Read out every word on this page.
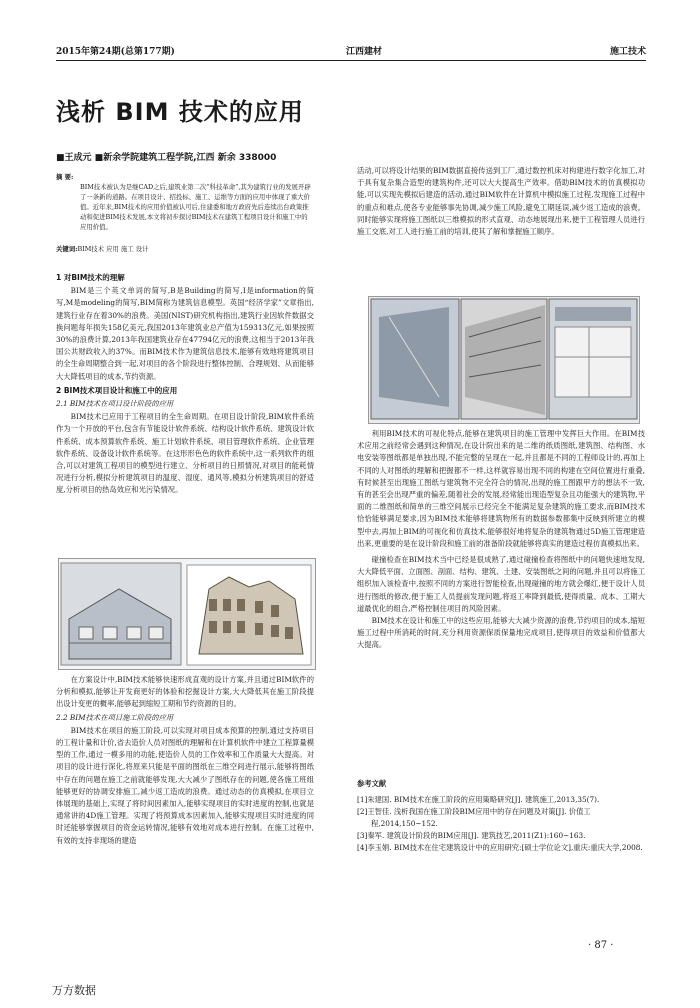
2015年第24期(总第177期)	江西建材	施工技术
浅析 BIM 技术的应用
■王成元 ■新余学院建筑工程学院,江西 新余 338000
摘 要:
BIM技术被认为是继CAD之后,建筑业第二次“科技革命”,其为建筑行业的发展开辟了一条新的道路。在项目设计、招投标、施工、运维等方面的应用中体现了重大价值。近年来,BIM技术的应用价值被认可后,住建委和地方政府先后连续出台政策推动和促进BIM技术发展,本文将初步探讨BIM技术在建筑工程项目设计和施工中的应用价值。
关键词:BIM技术 应用 施工 设计
1 对BIM技术的理解

BIM是三个英文单词的简写,B是Building的简写,I是information的简写,M是modeling的简写,BIM简称为建筑信息模型。英国“经济学家”文章指出,建筑行业存在着30%的浪费。美国(NIST)研究机构指出,建筑行业因软件数据交换问题每年损失158亿美元,我国2013年建筑业总产值为159313亿元,如果按照30%的浪费计算,2013年我国建筑业存在47794亿元的浪费,这相当于2013年我国公共财政收入的37%。而BIM技术作为建筑信息技术,能够有效地将建筑项目的全生命周期整合到一起,对项目的各个阶段进行整体控制、合理规划、从而能够大大降低项目的成本,节约资源。

2 BIM技术项目设计和施工中的应用
2.1 BIM技术在项目设计阶段的应用

BIM技术已应用于工程项目的全生命周期。在项目设计阶段,BIM软件系统作为一个开放的平台,包含有节能设计软件系统、结构设计软件系统、建筑设计软件系统、成本预算软件系统、施工计划软件系统、项目管理软件系统、企业管理软件系统、设备设计软件系统等。在这形形色色的软件系统中,这一系列软件的组合,可以对建筑工程项目的模型进行建立、分析项目的日照情况,对项目的能耗情况进行分析,模拟分析建筑项目的温度、湿度、通风等,模拟分析建筑项目的舒适度,分析项目的热岛效应和光污染情况。

在方案设计中,BIM技术能够快速形成直观的设计方案,并且通过BIM软件的分析和模拟,能够让开发商更好的体验和挖掘设计方案,大大降低其在施工阶段提出设计变更的概率,能够起到缩短工期和节约资源的目的。

2.2 BIM技术在项目施工阶段的应用

BIM技术在项目的施工阶段,可以实现对项目成本预算的控制,通过支持项目的工程计量和计价,省去造价人员对图纸的理解和在计算机软件中建立工程算量模型的工作,通过一模多用的功能,使造价人员的工作效率和工作质量大大提高。对项目的设计进行深化,将原来只能是平面的图纸在三维空间进行展示,能够将图纸中存在的问题在施工之前就能够发现,大大减少了图纸存在的问题,使各施工班组能够更好的协调安排施工,减少返工造成的浪费。通过动态的仿真模拟,在项目立体展现的基础上,实现了将时间因素加入,能够实现项目的实时进度的控制,也就是通常讲的4D施工管理。实现了将预算成本因素加入,能够实现项目实时进度的同时还能够掌握项目的资金运转情况,能够有效地对成本进行控制。在施工过程中,有效的支持非现场的建造

活动,可以将设计结果的BIM数据直接传送到工厂,通过数控机床对构建进行数字化加工,对于具有复杂集合造型的建筑构件,还可以大大提高生产效率。借助BIM技术的仿真模拟功能,可以实现先模拟后建造的活动,通过BIM软件在计算机中模拟施工过程,发现施工过程中的重点和难点,使各专业能够事先协调,减少施工风险,避免工期延误,减少返工造成的浪费。同时能够实现将施工图纸以三维模拟的形式直观、动态地展现出来,便于工程管理人员进行施工交底,对工人进行施工前的培训,使其了解和掌握施工顺序。

利用BIM技术的可视化特点,能够在建筑项目的施工管理中发挥巨大作用。在BIM技术应用之前经常会遇到这种情况,在设计院出来的是二维的纸质图纸,建筑图、结构图、水电安装等图纸都是单独出现,不能完整的呈现在一起,并且都是不同的工程师设计的,再加上不同的人对图纸的理解和把握都不一样,这样就容易出现不同的构建在空间位置进行重叠,有时候甚至出现施工图纸与建筑物不完全符合的情况,出现的施工图跟甲方的想法不一致,有的甚至会出现严重的偏差,随着社会的发展,经常能出现造型复杂且功能强大的建筑物,平面的二维图纸和简单的三维空间展示已经完全不能满足复杂建筑的施工要求,而BIM技术恰恰能够满足要求,因为BIM技术能够将建筑物所有的数据参数都集中反映到所建立的模型中去,再加上BIM的可视化和仿真技术,能够很好地将复杂的建筑物通过5D施工管理建造出来,更重要的是在设计阶段和施工前的准备阶段就能够将真实的建造过程仿真模拟出来。

碰撞检查在BIM技术当中已经是很成熟了,通过碰撞检查将图纸中的问题快速地发现,大大降低平面、立面图、剖面、结构、建筑、土建、安装图纸之间的问题,并且可以将施工组织加入该检查中,按照不同的方案进行智能检查,出现碰撞的地方就会爆红,便于设计人员进行图纸的修改,便于施工人员提前发现问题,将返工率降到最低,使得质量、成本、工期大道最优化的组合,严格控制住项目的风险因素。

BIM技术在设计和施工中的这些应用,能够大大减少资源的浪费,节约项目的成本,缩短施工过程中所消耗的时间,充分利用资源保质保量地完成项目,使得项目的效益和价值都大大提高。

参考文献

[1]朱建国. BIM技术在施工阶段的应用策略研究[J]. 建筑施工,2013,35(7).

[2]王智佳. 浅析我国在施工阶段BIM应用中的存在问题及对策[J]. 价值工程,2014,150~152.

[3]秦军. 建筑设计阶段的BIM应用[J]. 建筑技艺,2011(Z1):160~163.

[4]李玉娟. BIM技术在住宅建筑设计中的应用研究:[硕士学位论文],重庆:重庆大学,2008.

· 87 ·
万方数据
